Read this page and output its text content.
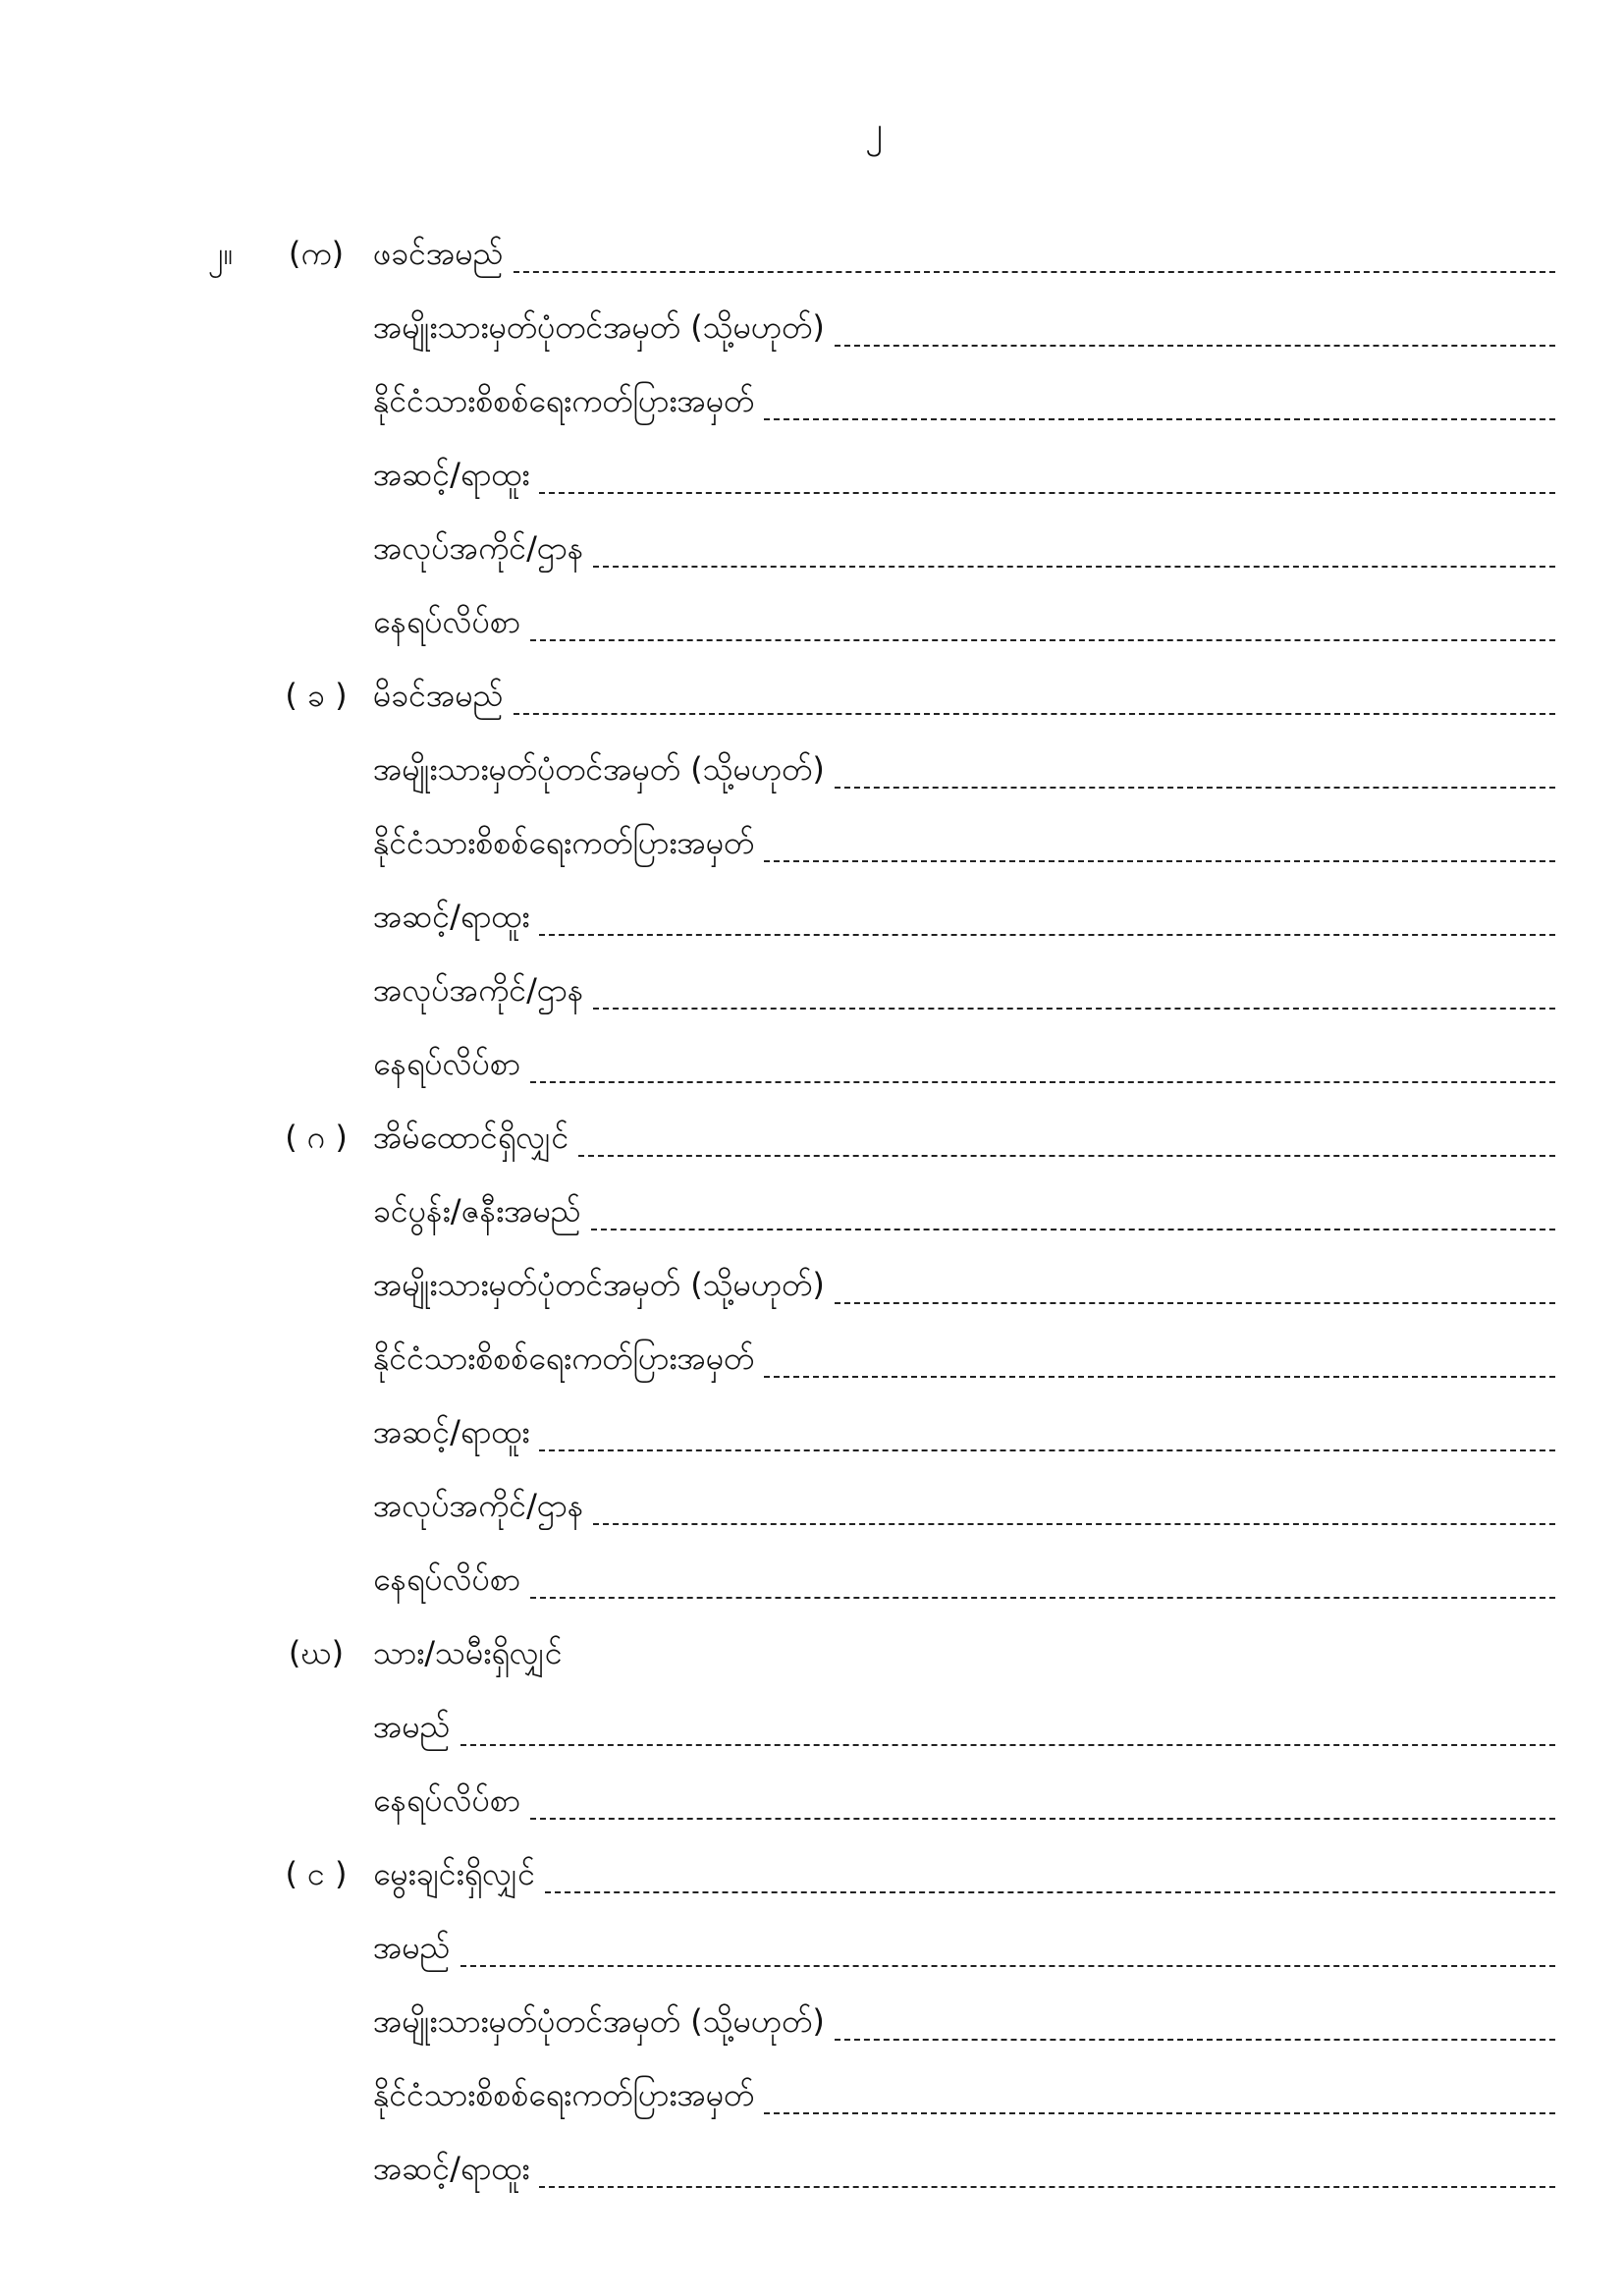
၂
၂။	(က) ဖခင်အမည်
အမျိုးသားမှတ်ပုံတင်အမှတ် (သို့မဟုတ်)
နိုင်ငံသားစိစစ်ရေးကတ်ပြားအမှတ်
အဆင့်/ရာထူး
အလုပ်အကိုင်/ဌာန
နေရပ်လိပ်စာ
( ခ ) မိခင်အမည်
အမျိုးသားမှတ်ပုံတင်အမှတ် (သို့မဟုတ်)
နိုင်ငံသားစိစစ်ရေးကတ်ပြားအမှတ်
အဆင့်/ရာထူး
အလုပ်အကိုင်/ဌာန
နေရပ်လိပ်စာ
( ဂ ) အိမ်ထောင်ရှိလျှင်
ခင်ပွန်း/ဇနီးအမည်
အမျိုးသားမှတ်ပုံတင်အမှတ် (သို့မဟုတ်)
နိုင်ငံသားစိစစ်ရေးကတ်ပြားအမှတ်
အဆင့်/ရာထူး
အလုပ်အကိုင်/ဌာန
နေရပ်လိပ်စာ
(ဃ) သား/သမီးရှိလျှင်
အမည်
နေရပ်လိပ်စာ
( င ) မွေးချင်းရှိလျှင်
အမည်
အမျိုးသားမှတ်ပုံတင်အမှတ် (သို့မဟုတ်)
နိုင်ငံသားစိစစ်ရေးကတ်ပြားအမှတ်
အဆင့်/ရာထူး
